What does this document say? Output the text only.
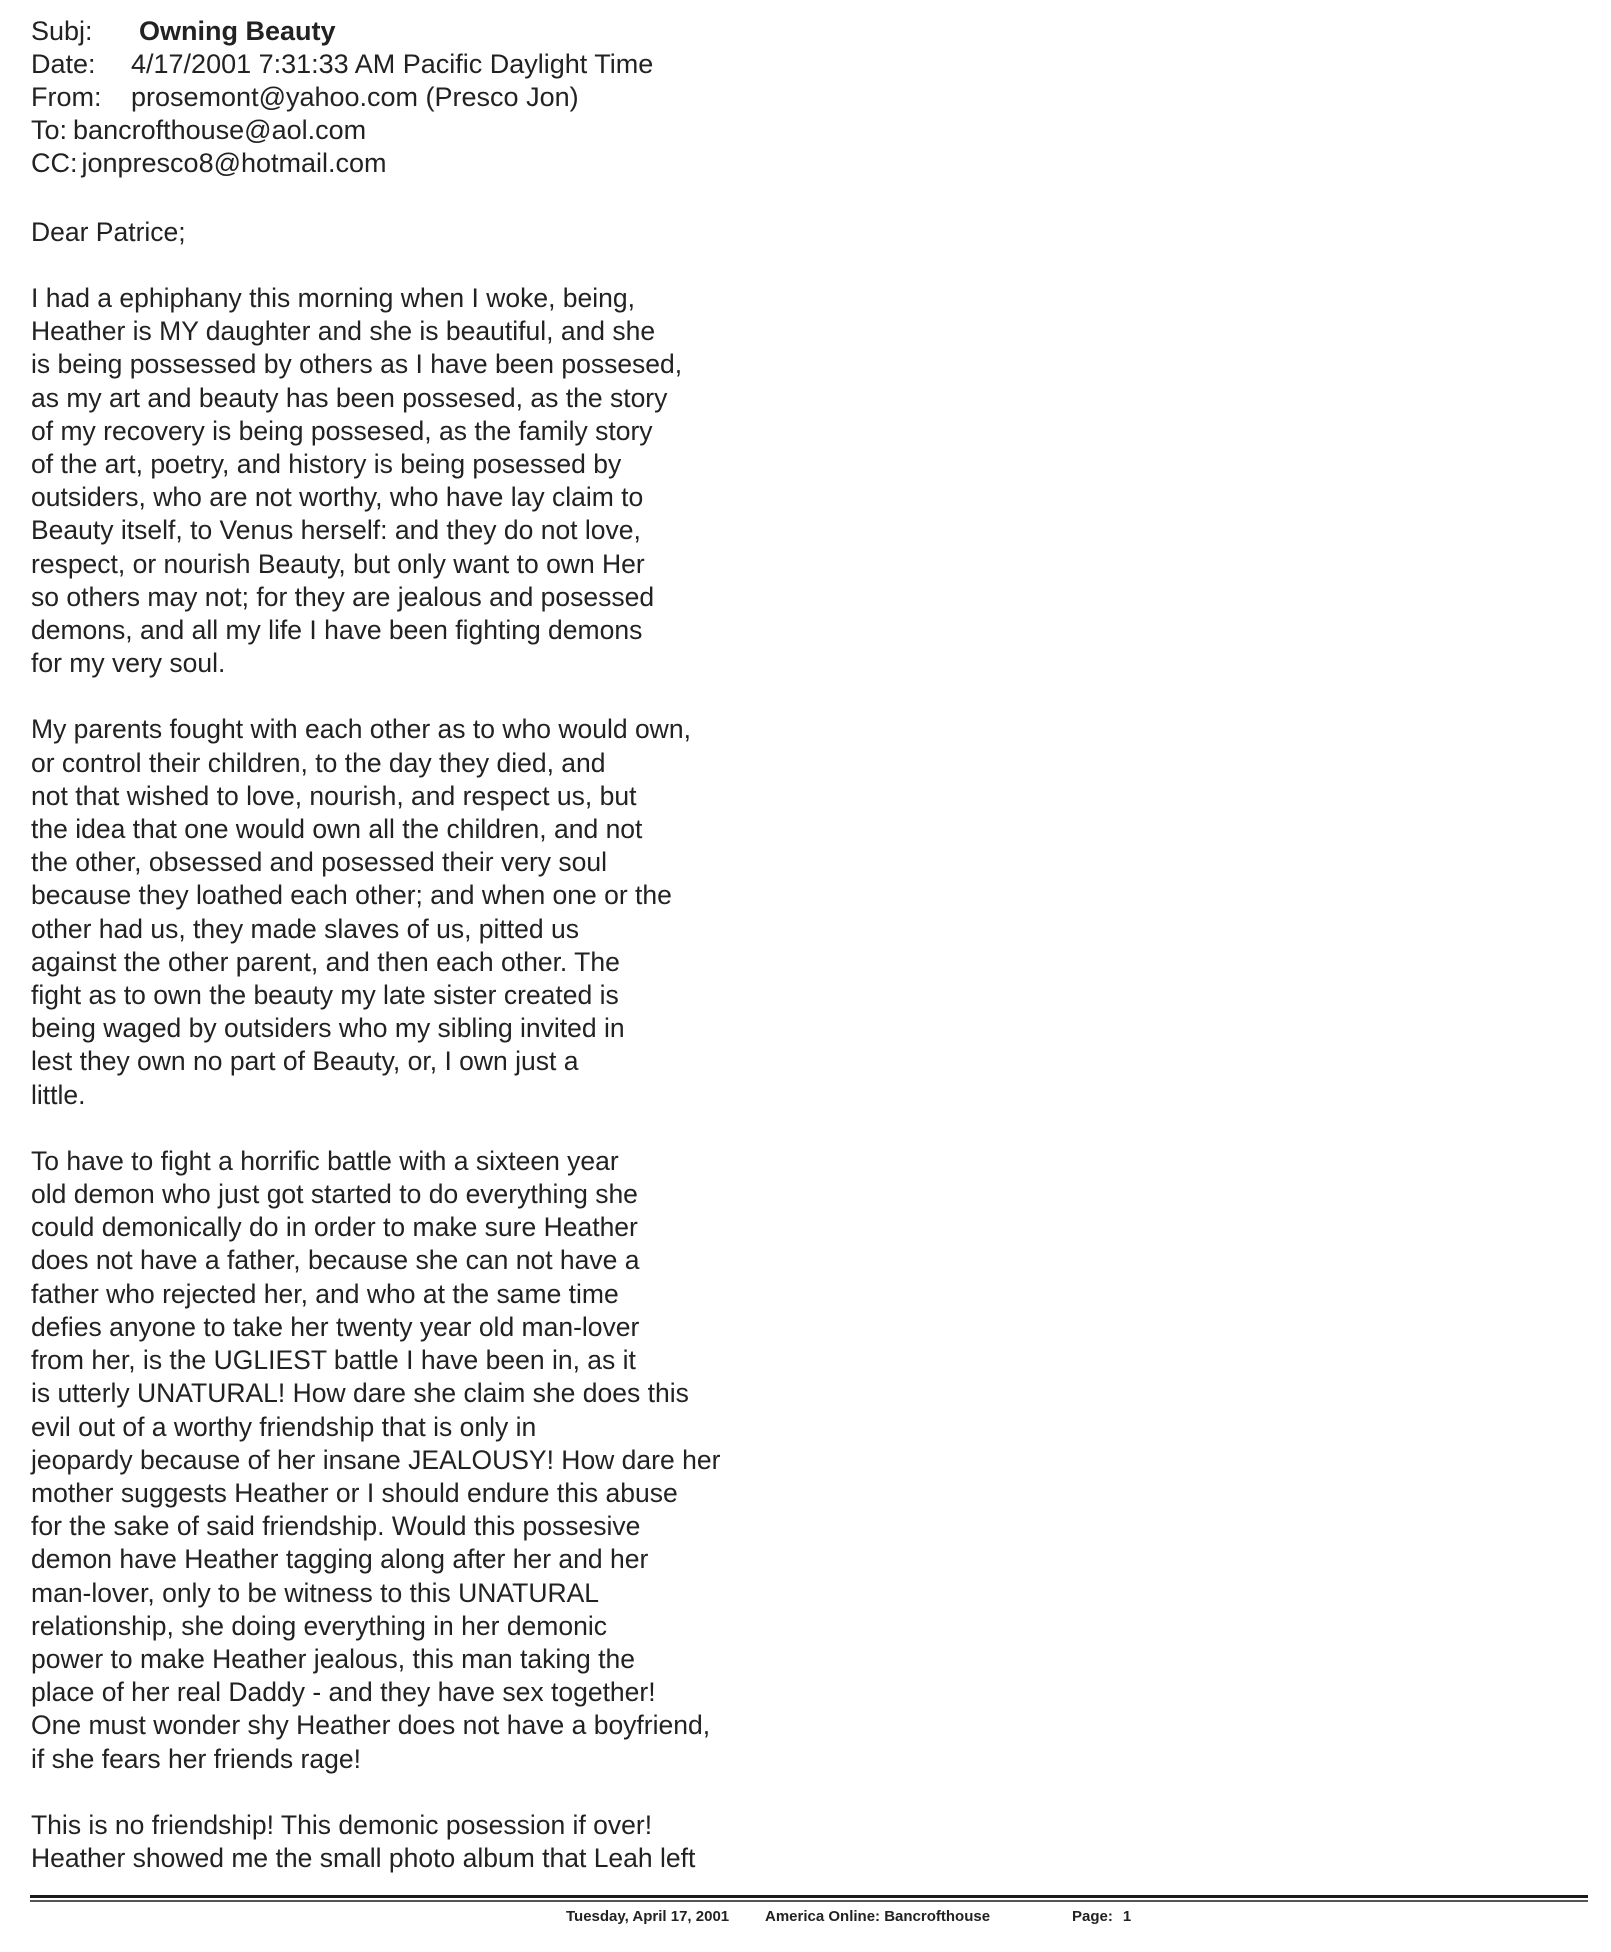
Subj:	Owning Beauty
Date:	4/17/2001 7:31:33 AM Pacific Daylight Time
From:	prosemont@yahoo.com (Presco Jon)
To: bancrofthouse@aol.com
CC: jonpresco8@hotmail.com
Dear Patrice;
I had a ephiphany this morning when I woke, being,
Heather is MY daughter and she is beautiful, and she
is being possessed by others as I have been possesed,
as my art and beauty has been possesed, as the story
of my recovery is being possesed, as the family story
of the art, poetry, and history is being posessed by
outsiders, who are not worthy, who have lay claim to
Beauty itself, to Venus herself: and they do not love,
respect, or nourish Beauty, but only want to own Her
so others may not; for they are jealous and posessed
demons, and all my life I have been fighting demons
for my very soul.
My parents fought with each other as to who would own,
or control their children, to the day they died, and
not that wished to love, nourish, and respect us, but
the idea that one would own all the children, and not
the other, obsessed and posessed their very soul
because they loathed each other; and when one or the
other had us, they made slaves of us, pitted us
against the other parent, and then each other. The
fight as to own the beauty my late sister created is
being waged by outsiders who my sibling invited in
lest they own no part of Beauty, or, I own just a
little.
To have to fight a horrific battle with a sixteen year
old demon who just got started to do everything she
could demonically do in order to make sure Heather
does not have a father, because she can not have a
father who rejected her, and who at the same time
defies anyone to take her twenty year old man-lover
from her, is the UGLIEST battle I have been in, as it
is utterly UNATURAL! How dare she claim she does this
evil out of a worthy friendship that is only in
jeopardy because of her insane JEALOUSY! How dare her
mother suggests Heather or I should endure this abuse
for the sake of said friendship. Would this possesive
demon have Heather tagging along after her and her
man-lover, only to be witness to this UNATURAL
relationship, she doing everything in her demonic
power to make Heather jealous, this man taking the
place of her real Daddy - and they have sex together!
One must wonder shy Heather does not have a boyfriend,
if she fears her friends rage!
This is no friendship! This demonic posession if over!
Heather showed me the small photo album that Leah left
Tuesday, April 17, 2001 America Online: Bancrofthouse	Page: 1
